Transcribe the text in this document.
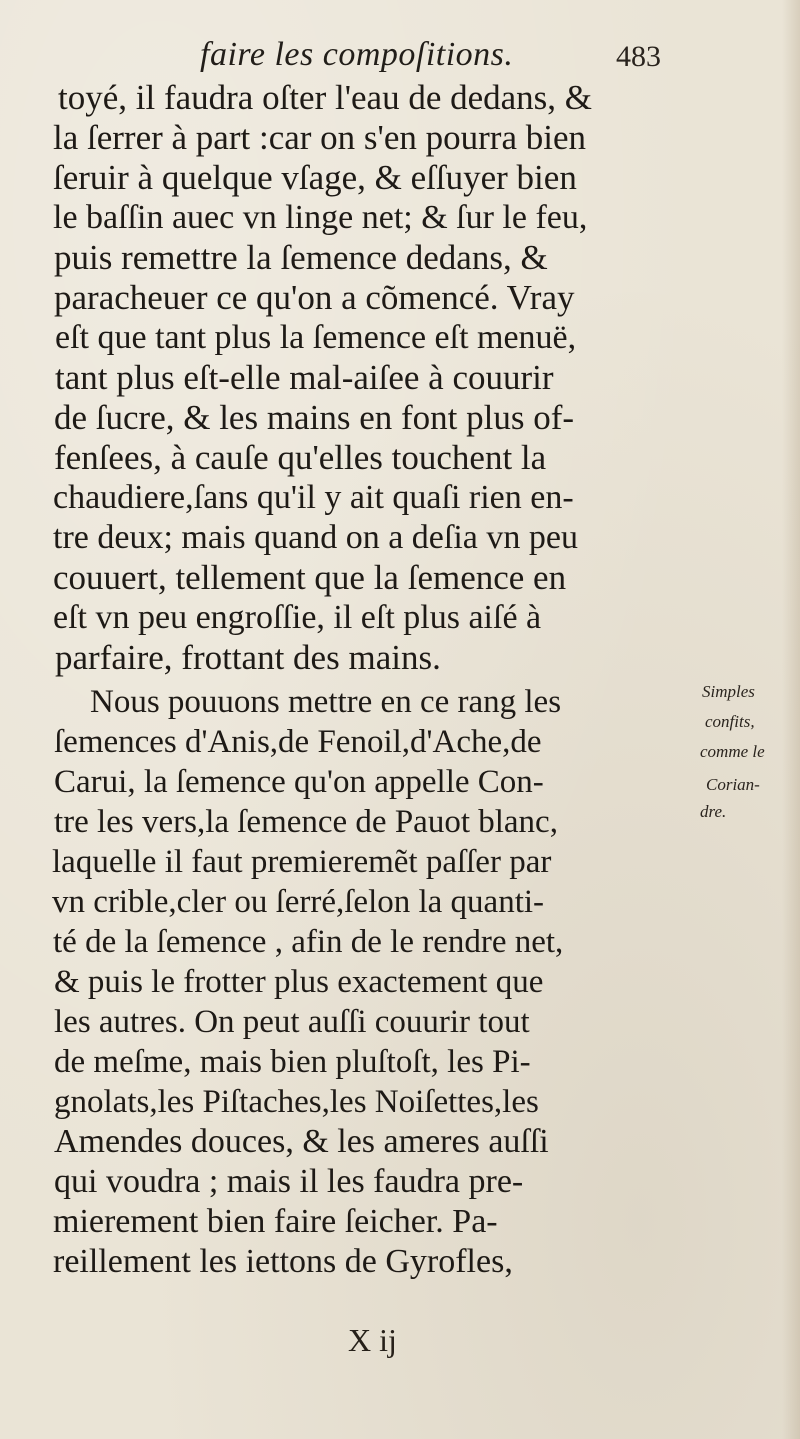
faire les compoſitions.	483
toyé, il faudra oſter l'eau de dedans, &
la ſerrer à part :car on s'en pourra bien
ſeruir à quelque vſage, & eſſuyer bien
le baſſin auec vn linge net; & ſur le feu,
puis remettre la ſemence dedans, &
paracheuer ce qu'on a cõmencé. Vray
eſt que tant plus la ſemence eſt menuë,
tant plus eſt-elle mal-aiſee à couurir
de ſucre, & les mains en font plus of-
fenſees, à cauſe qu'elles touchent la
chaudiere,ſans qu'il y ait quaſi rien en-
tre deux; mais quand on a deſia vn peu
couuert, tellement que la ſemence en
eſt vn peu engroſſie, il eſt plus aiſé à
parfaire, frottant des mains.
Nous pouuons mettre en ce rang les
ſemences d'Anis,de Fenoil,d'Ache,de
Carui, la ſemence qu'on appelle Con-
tre les vers,la ſemence de Pauot blanc,
laquelle il faut premieremẽt paſſer par
vn crible,cler ou ſerré,ſelon la quanti-
té de la ſemence , afin de le rendre net,
& puis le frotter plus exactement que
les autres. On peut auſſi couurir tout
de meſme, mais bien pluſtoſt, les Pi-
gnolats,les Piſtaches,les Noiſettes,les
Amendes douces, & les ameres auſſi
qui voudra ; mais il les faudra pre-
mierement bien faire ſeicher. Pa-
reillement les iettons de Gyrofles,
Simples
confits,
comme le
Corian-
dre.
X ij
